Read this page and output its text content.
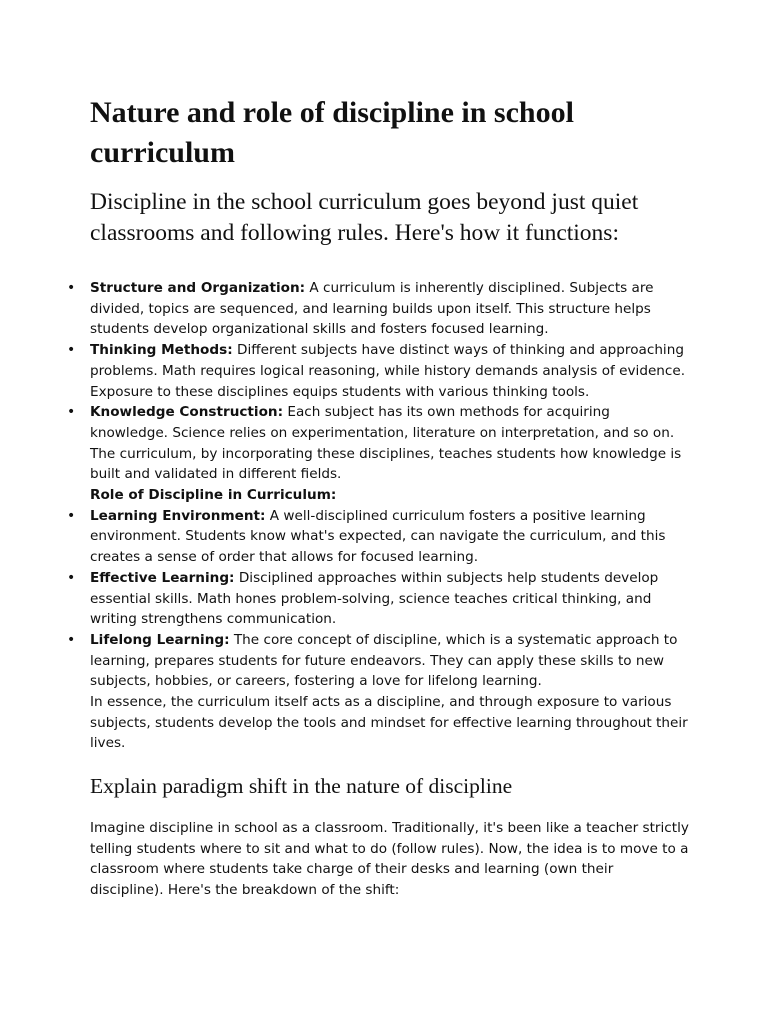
Nature and role of discipline in school curriculum

Discipline in the school curriculum goes beyond just quiet classrooms and following rules. Here's how it functions:

• Structure and Organization: A curriculum is inherently disciplined. Subjects are divided, topics are sequenced, and learning builds upon itself. This structure helps students develop organizational skills and fosters focused learning.
• Thinking Methods: Different subjects have distinct ways of thinking and approaching problems. Math requires logical reasoning, while history demands analysis of evidence. Exposure to these disciplines equips students with various thinking tools.
• Knowledge Construction: Each subject has its own methods for acquiring knowledge. Science relies on experimentation, literature on interpretation, and so on. The curriculum, by incorporating these disciplines, teaches students how knowledge is built and validated in different fields.
Role of Discipline in Curriculum:
• Learning Environment: A well-disciplined curriculum fosters a positive learning environment. Students know what's expected, can navigate the curriculum, and this creates a sense of order that allows for focused learning.
• Effective Learning: Disciplined approaches within subjects help students develop essential skills. Math hones problem-solving, science teaches critical thinking, and writing strengthens communication.
• Lifelong Learning: The core concept of discipline, which is a systematic approach to learning, prepares students for future endeavors. They can apply these skills to new subjects, hobbies, or careers, fostering a love for lifelong learning.
In essence, the curriculum itself acts as a discipline, and through exposure to various subjects, students develop the tools and mindset for effective learning throughout their lives.
Explain paradigm shift in the nature of discipline

Imagine discipline in school as a classroom. Traditionally, it's been like a teacher strictly telling students where to sit and what to do (follow rules). Now, the idea is to move to a classroom where students take charge of their desks and learning (own their discipline). Here's the breakdown of the shift:
